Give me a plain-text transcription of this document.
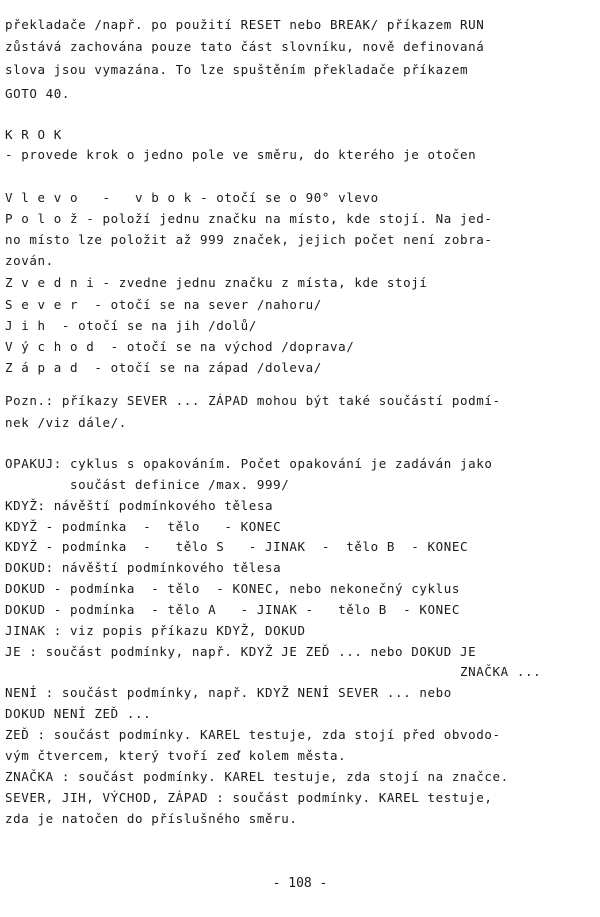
překladače /např. po použití RESET nebo BREAK/ příkazem RUN
zůstává zachována pouze tato část slovníku, nově definovaná
slova jsou vymazána. To lze spuštěním překladače příkazem
GOTO 40.
K R O K
- provede krok o jedno pole ve směru, do kterého je otočen
V l e v o   -   v b o k - otočí se o 90° vlevo
P o l o ž - položí jednu značku na místo, kde stojí. Na jed-
no místo lze položit až 999 značek, jejich počet není zobra-
zován.
Z v e d n i - zvedne jednu značku z místa, kde stojí
S e v e r  - otočí se na sever /nahoru/
J i h  - otočí se na jih /dolů/
V ý c h o d  - otočí se na východ /doprava/
Z á p a d  - otočí se na západ /doleva/
Pozn.: příkazy SEVER ... ZÁPAD mohou být také součástí podmí-
nek /viz dále/.
OPAKUJ: cyklus s opakováním. Počet opakování je zadáván jako
součást definice /max. 999/
KDYŽ: návěští podmínkového tělesa
KDYŽ - podmínka  -  tělo   - KONEC
KDYŽ - podmínka  -   tělo S   - JINAK  -  tělo B  - KONEC
DOKUD: návěští podmínkového tělesa
DOKUD - podmínka  - tělo  - KONEC, nebo nekonečný cyklus
DOKUD - podmínka  - tělo A   - JINAK -   tělo B  - KONEC
JINAK : viz popis příkazu KDYŽ, DOKUD
JE : součást podmínky, např. KDYŽ JE ZEĎ ... nebo DOKUD JE
ZNAČKA ...
NENÍ : součást podmínky, např. KDYŽ NENÍ SEVER ... nebo
DOKUD NENÍ ZEĎ ...
ZEĎ : součást podmínky. KAREL testuje, zda stojí před obvodo-
vým čtvercem, který tvoří zeď kolem města.
ZNAČKA : součást podmínky. KAREL testuje, zda stojí na značce.
SEVER, JIH, VÝCHOD, ZÁPAD : součást podmínky. KAREL testuje,
zda je natočen do příslušného směru.
- 108 -
